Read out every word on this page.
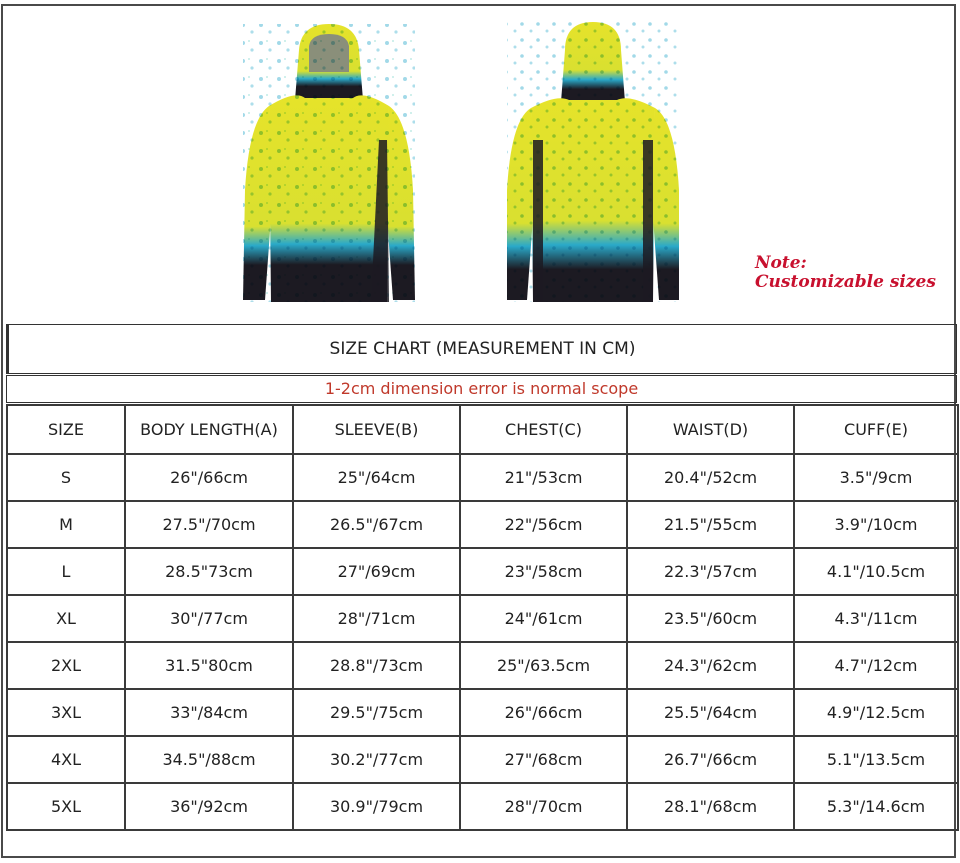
Note:
Customizable sizes
SIZE CHART (MEASUREMENT IN CM)
1-2cm dimension error is normal scope
SIZE	BODY LENGTH(A)	SLEEVE(B)	CHEST(C)	WAIST(D)	CUFF(E)
S	26"/66cm	25"/64cm	21"/53cm	20.4"/52cm	3.5"/9cm
M	27.5"/70cm	26.5"/67cm	22"/56cm	21.5"/55cm	3.9"/10cm
L	28.5"73cm	27"/69cm	23"/58cm	22.3"/57cm	4.1"/10.5cm
XL	30"/77cm	28"/71cm	24"/61cm	23.5"/60cm	4.3"/11cm
2XL	31.5"80cm	28.8"/73cm	25"/63.5cm	24.3"/62cm	4.7"/12cm
3XL	33"/84cm	29.5"/75cm	26"/66cm	25.5"/64cm	4.9"/12.5cm
4XL	34.5"/88cm	30.2"/77cm	27"/68cm	26.7"/66cm	5.1"/13.5cm
5XL	36"/92cm	30.9"/79cm	28"/70cm	28.1"/68cm	5.3"/14.6cm
